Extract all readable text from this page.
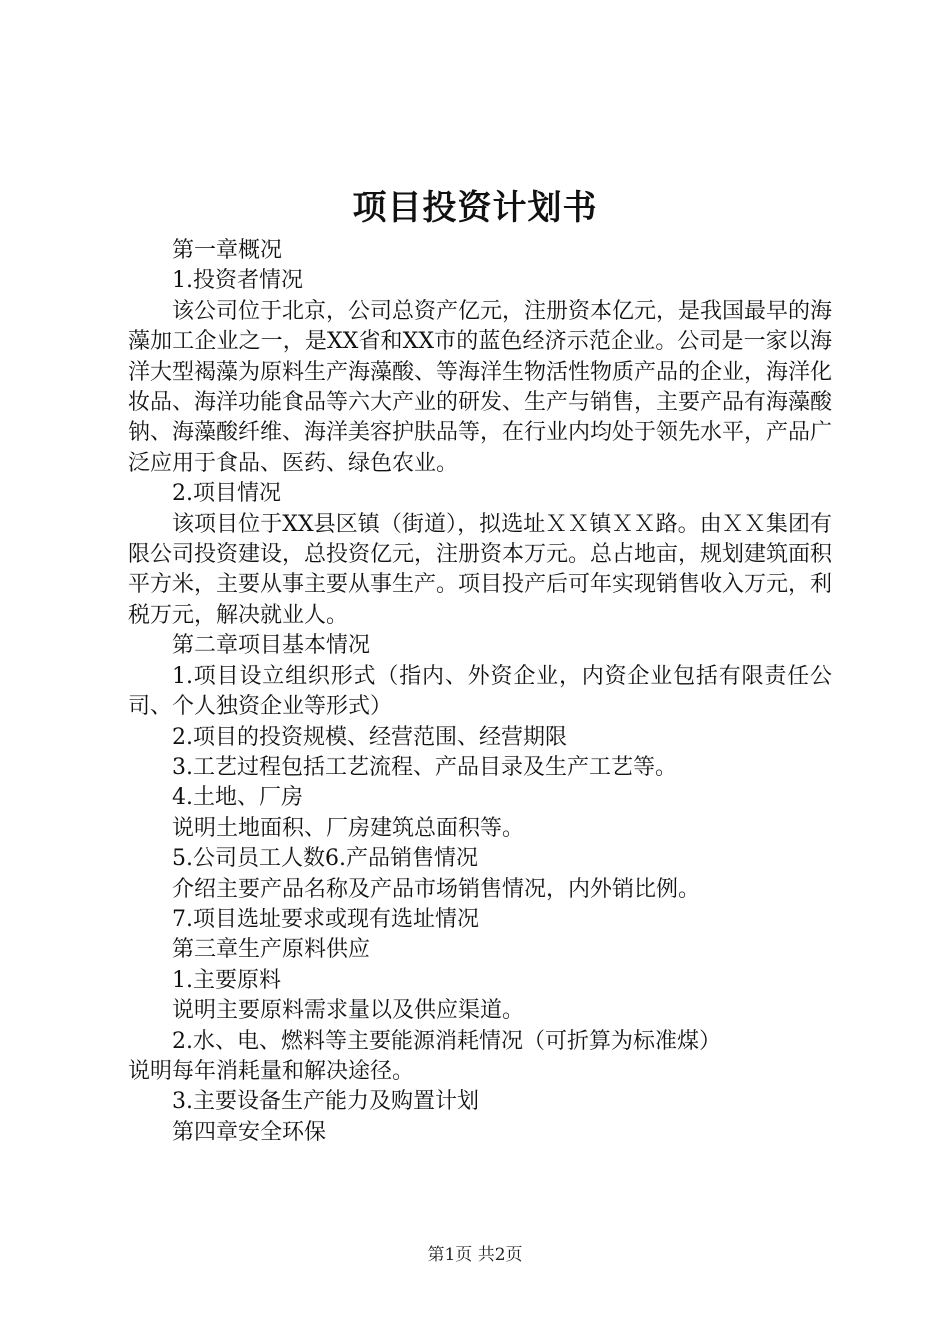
项目投资计划书

第一章概况

1.投资者情况

该公司位于北京，公司总资产亿元，注册资本亿元，是我国最早的海藻加工企业之一，是XX省和XX市的蓝色经济示范企业。公司是一家以海洋大型褐藻为原料生产海藻酸、等海洋生物活性物质产品的企业，海洋化妆品、海洋功能食品等六大产业的研发、生产与销售，主要产品有海藻酸钠、海藻酸纤维、海洋美容护肤品等，在行业内均处于领先水平，产品广泛应用于食品、医药、绿色农业。

2.项目情况

该项目位于XX县区镇（街道），拟选址ＸＸ镇ＸＸ路。由ＸＸ集团有限公司投资建设，总投资亿元，注册资本万元。总占地亩，规划建筑面积平方米，主要从事主要从事生产。项目投产后可年实现销售收入万元，利税万元，解决就业人。

第二章项目基本情况

1.项目设立组织形式（指内、外资企业，内资企业包括有限责任公司、个人独资企业等形式）

2.项目的投资规模、经营范围、经营期限

3.工艺过程包括工艺流程、产品目录及生产工艺等。

4.土地、厂房

说明土地面积、厂房建筑总面积等。

5.公司员工人数6.产品销售情况

介绍主要产品名称及产品市场销售情况，内外销比例。

7.项目选址要求或现有选址情况

第三章生产原料供应

1.主要原料

说明主要原料需求量以及供应渠道。

2.水、电、燃料等主要能源消耗情况（可折算为标准煤）

说明每年消耗量和解决途径。

3.主要设备生产能力及购置计划

第四章安全环保

第1页 共2页
